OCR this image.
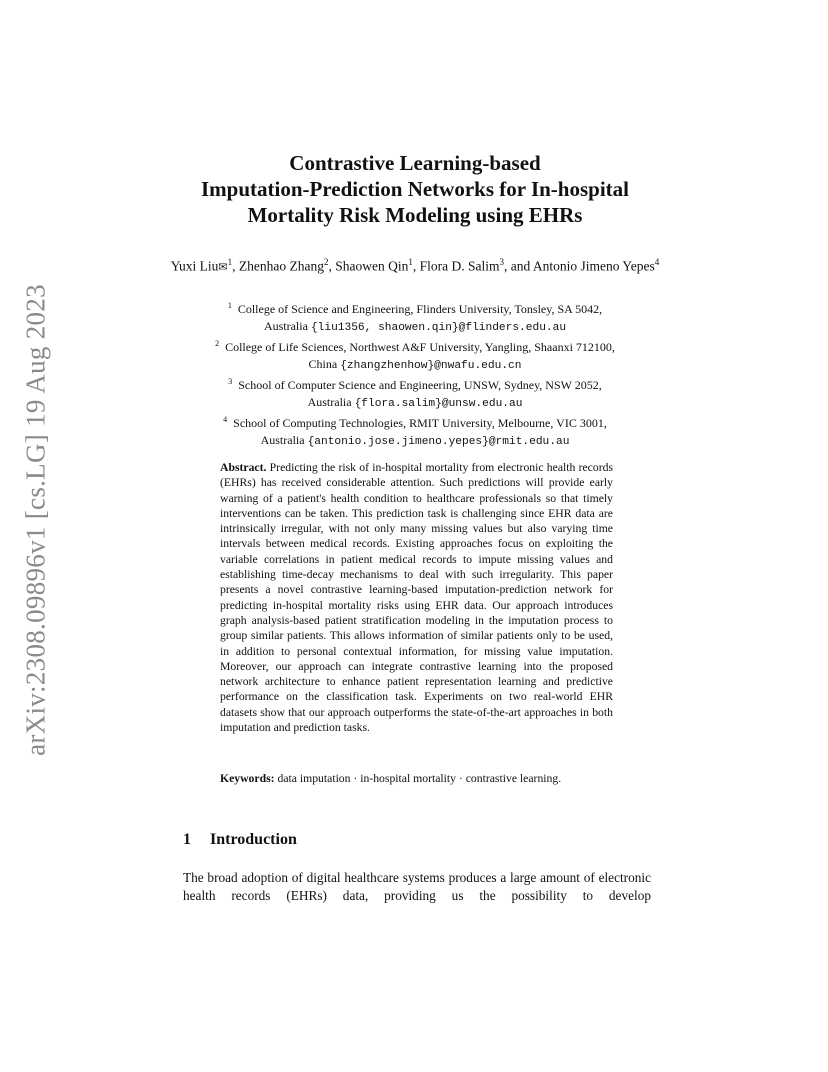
arXiv:2308.09896v1 [cs.LG] 19 Aug 2023
Contrastive Learning-based
Imputation-Prediction Networks for In-hospital
Mortality Risk Modeling using EHRs
Yuxi Liu✉$^1$, Zhenhao Zhang$^2$, Shaowen Qin$^1$, Flora D. Salim$^3$, and Antonio Jimeno Yepes$^4$
$^1$ College of Science and Engineering, Flinders University, Tonsley, SA 5042,
Australia {liu1356, shaowen.qin}@flinders.edu.au
$^2$ College of Life Sciences, Northwest A&F University, Yangling, Shaanxi 712100,
China {zhangzhenhow}@nwafu.edu.cn
$^3$ School of Computer Science and Engineering, UNSW, Sydney, NSW 2052,
Australia {flora.salim}@unsw.edu.au
$^4$ School of Computing Technologies, RMIT University, Melbourne, VIC 3001,
Australia {antonio.jose.jimeno.yepes}@rmit.edu.au
Abstract. Predicting the risk of in-hospital mortality from electronic health records (EHRs) has received considerable attention. Such predictions will provide early warning of a patient's health condition to healthcare professionals so that timely interventions can be taken. This prediction task is challenging since EHR data are intrinsically irregular, with not only many missing values but also varying time intervals between medical records. Existing approaches focus on exploiting the variable correlations in patient medical records to impute missing values and establishing time-decay mechanisms to deal with such irregularity. This paper presents a novel contrastive learning-based imputation-prediction network for predicting in-hospital mortality risks using EHR data. Our approach introduces graph analysis-based patient stratification modeling in the imputation process to group similar patients. This allows information of similar patients only to be used, in addition to personal contextual information, for missing value imputation. Moreover, our approach can integrate contrastive learning into the proposed network architecture to enhance patient representation learning and predictive performance on the classification task. Experiments on two real-world EHR datasets show that our approach outperforms the state-of-the-art approaches in both imputation and prediction tasks.
Keywords: data imputation · in-hospital mortality · contrastive learning.
1 Introduction
The broad adoption of digital healthcare systems produces a large amount of electronic health records (EHRs) data, providing us the possibility to develop
